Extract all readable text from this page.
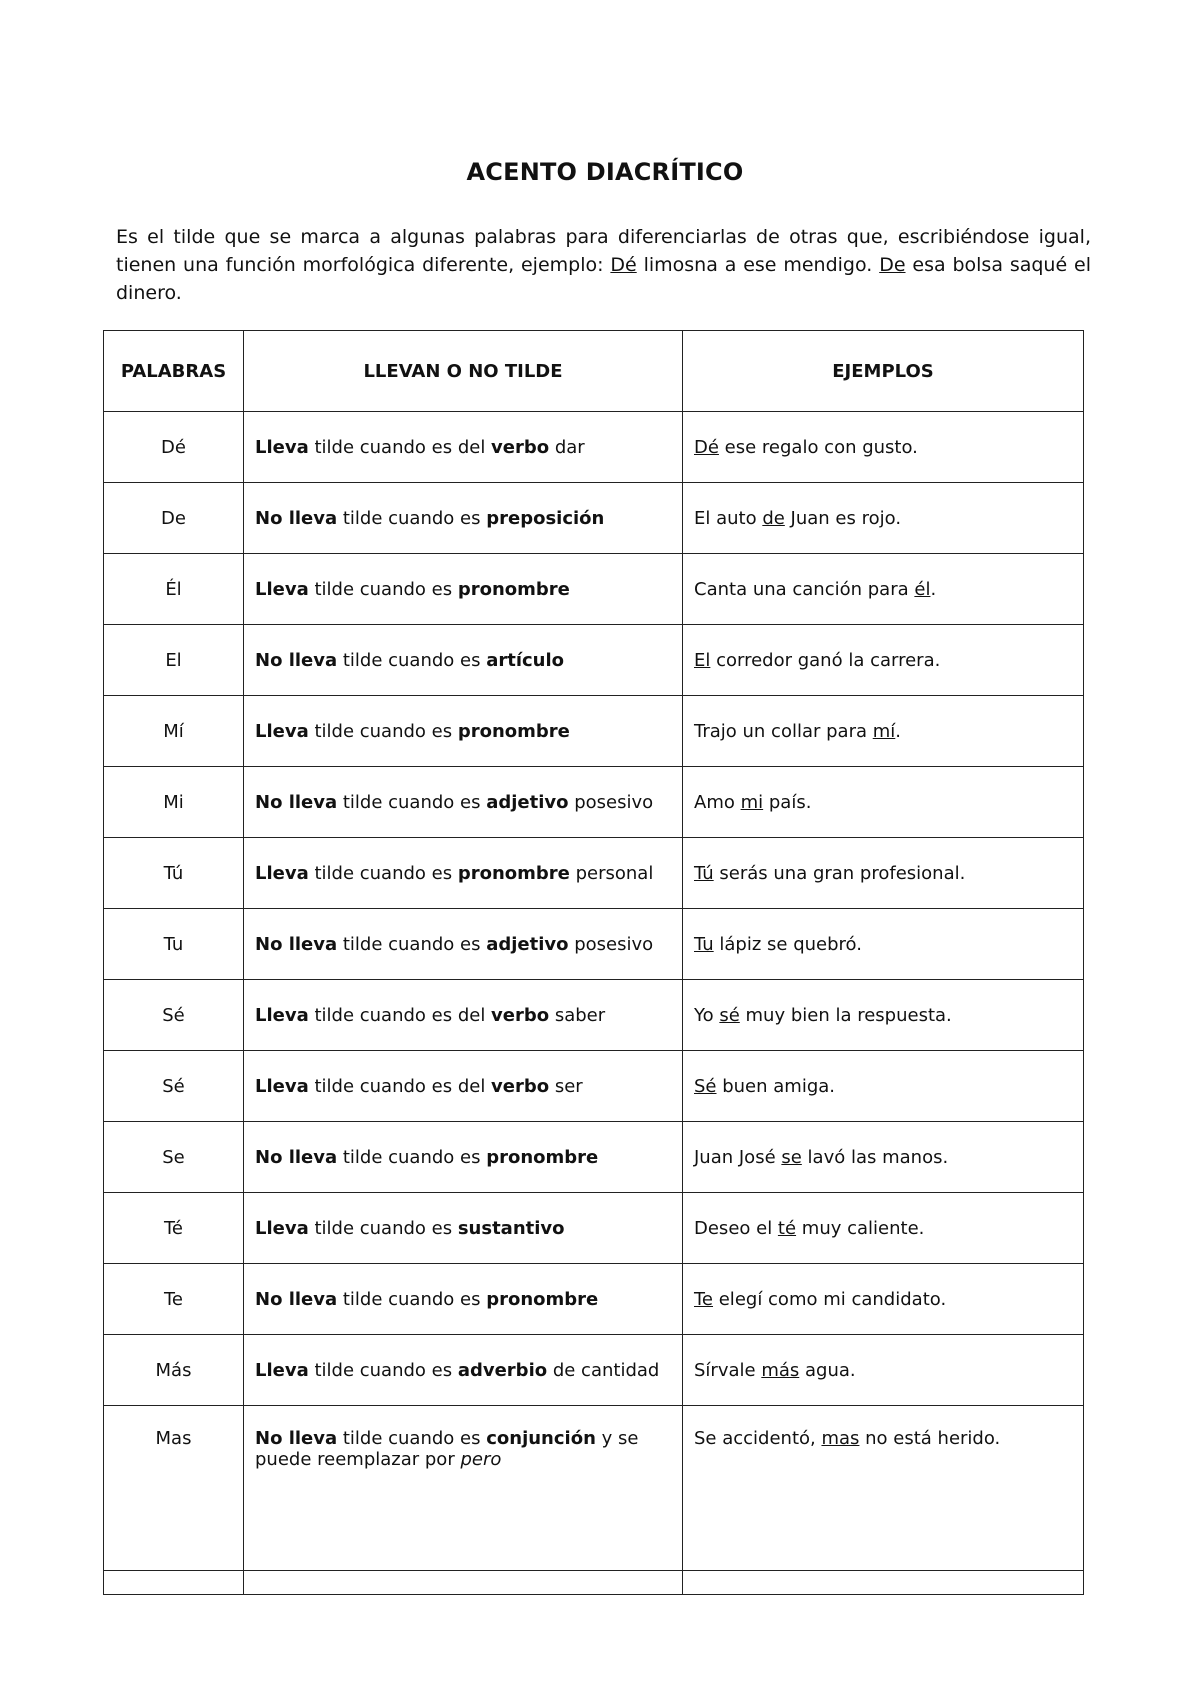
ACENTO DIACRÍTICO

Es el tilde que se marca a algunas palabras para diferenciarlas de otras que, escribiéndose igual, tienen una función morfológica diferente, ejemplo: Dé limosna a ese mendigo. De esa bolsa saqué el dinero.

PALABRAS	LLEVAN O NO TILDE	EJEMPLOS
Dé	Lleva tilde cuando es del verbo dar	Dé ese regalo con gusto.
De	No lleva tilde cuando es preposición	El auto de Juan es rojo.
Él	Lleva tilde cuando es pronombre	Canta una canción para él.
El	No lleva tilde cuando es artículo	El corredor ganó la carrera.
Mí	Lleva tilde cuando es pronombre	Trajo un collar para mí.
Mi	No lleva tilde cuando es adjetivo posesivo	Amo mi país.
Tú	Lleva tilde cuando es pronombre personal	Tú serás una gran profesional.
Tu	No lleva tilde cuando es adjetivo posesivo	Tu lápiz se quebró.
Sé	Lleva tilde cuando es del verbo saber	Yo sé muy bien la respuesta.
Sé	Lleva tilde cuando es del verbo ser	Sé buen amiga.
Se	No lleva tilde cuando es pronombre	Juan José se lavó las manos.
Té	Lleva tilde cuando es sustantivo	Deseo el té muy caliente.
Te	No lleva tilde cuando es pronombre	Te elegí como mi candidato.
Más	Lleva tilde cuando es adverbio de cantidad	Sírvale más agua.
Mas	No lleva tilde cuando es conjunción y se puede reemplazar por pero	Se accidentó, mas no está herido.
